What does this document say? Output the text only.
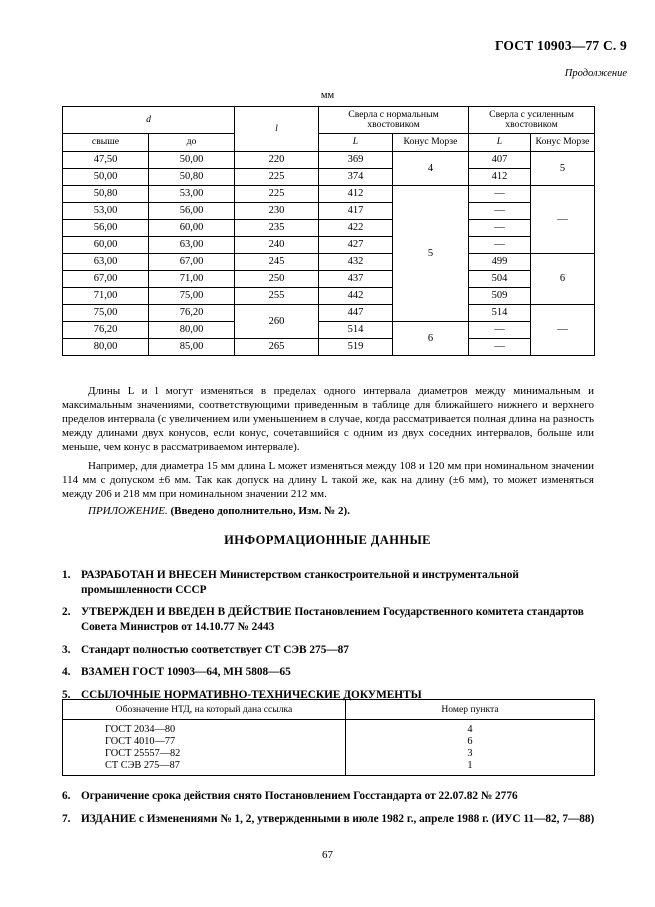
ГОСТ 10903—77 С. 9
Продолжение
мм
d		l	Сверла с нормальным хвостовиком		Сверла с усиленным хвостовиком	
свыше	до		L	Конус Морзе	L	Конус Морзе
47,50	50,00	220	369	4	407	5
50,00	50,80	225	374		412	
50,80	53,00	225	412	5	—	—
53,00	56,00	230	417		—	
56,00	60,00	235	422		—	
60,00	63,00	240	427		—	
63,00	67,00	245	432		499	6
67,00	71,00	250	437		504	
71,00	75,00	255	442		509	
75,00	76,20	260	447		514	—
76,20	80,00		514	6	—	
80,00	85,00	265	519		—	

Длины L и l могут изменяться в пределах одного интервала диаметров между минимальным и максимальным значениями, соответствующими приведенным в таблице для ближайшего нижнего и верхнего пределов интервала (с увеличением или уменьшением в случае, когда рассматривается полная длина на разность между длинами двух конусов, если конус, сочетавшийся с одним из двух соседних интервалов, больше или меньше, чем конус в рассматриваемом интервале).

Например, для диаметра 15 мм длина L может изменяться между 108 и 120 мм при номинальном значении 114 мм с допуском ±6 мм. Так как допуск на длину L такой же, как на длину (±6 мм), то может изменяться между 206 и 218 мм при номинальном значении 212 мм.

ПРИЛОЖЕНИЕ. (Введено дополнительно, Изм. № 2).

ИНФОРМАЦИОННЫЕ ДАННЫЕ
1. РАЗРАБОТАН И ВНЕСЕН Министерством станкостроительной и инструментальной промышленности СССР
2. УТВЕРЖДЕН И ВВЕДЕН В ДЕЙСТВИЕ Постановлением Государственного комитета стандартов Совета Министров от 14.10.77 № 2443
3. Стандарт полностью соответствует СТ СЭВ 275—87
4. ВЗАМЕН ГОСТ 10903—64, МН 5808—65
5. ССЫЛОЧНЫЕ НОРМАТИВНО-ТЕХНИЧЕСКИЕ ДОКУМЕНТЫ
Обозначение НТД, на который дана ссылка	Номер пункта
ГОСТ 2034—80	4
ГОСТ 4010—77	6
ГОСТ 25557—82	3
СТ СЭВ 275—87	1
6. Ограничение срока действия снято Постановлением Госстандарта от 22.07.82 № 2776
7. ИЗДАНИЕ с Изменениями № 1, 2, утвержденными в июле 1982 г., апреле 1988 г. (ИУС 11—82, 7—88)
67
